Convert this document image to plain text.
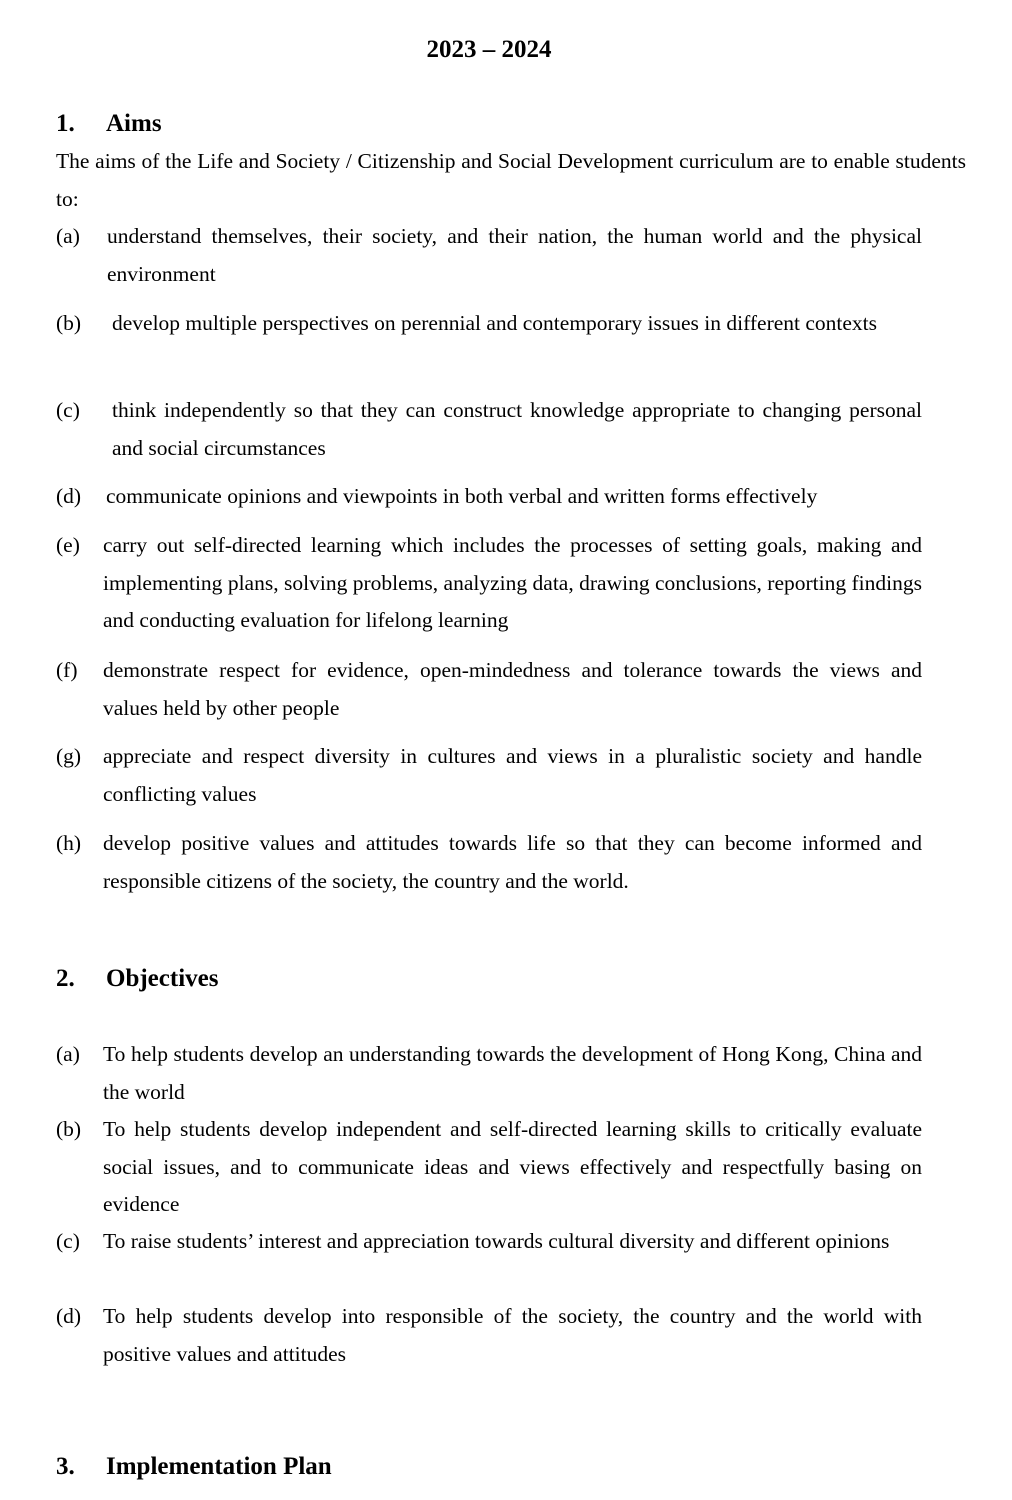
2023 – 2024
1. Aims
The aims of the Life and Society / Citizenship and Social Development curriculum are to enable students to:
(a)	understand themselves, their society, and their nation, the human world and the physical environment
(b)	develop multiple perspectives on perennial and contemporary issues in different contexts
(c)	think independently so that they can construct knowledge appropriate to changing personal and social circumstances
(d)	communicate opinions and viewpoints in both verbal and written forms effectively
(e)	carry out self-directed learning which includes the processes of setting goals, making and implementing plans, solving problems, analyzing data, drawing conclusions, reporting findings and conducting evaluation for lifelong learning
(f)	demonstrate respect for evidence, open-mindedness and tolerance towards the views and values held by other people
(g)	appreciate and respect diversity in cultures and views in a pluralistic society and handle conflicting values
(h)	develop positive values and attitudes towards life so that they can become informed and responsible citizens of the society, the country and the world.
2. Objectives
(a)	To help students develop an understanding towards the development of Hong Kong, China and the world
(b)	To help students develop independent and self-directed learning skills to critically evaluate social issues, and to communicate ideas and views effectively and respectfully basing on evidence
(c)	To raise students’ interest and appreciation towards cultural diversity and different opinions
(d)	To help students develop into responsible of the society, the country and the world with positive values and attitudes
3. Implementation Plan
